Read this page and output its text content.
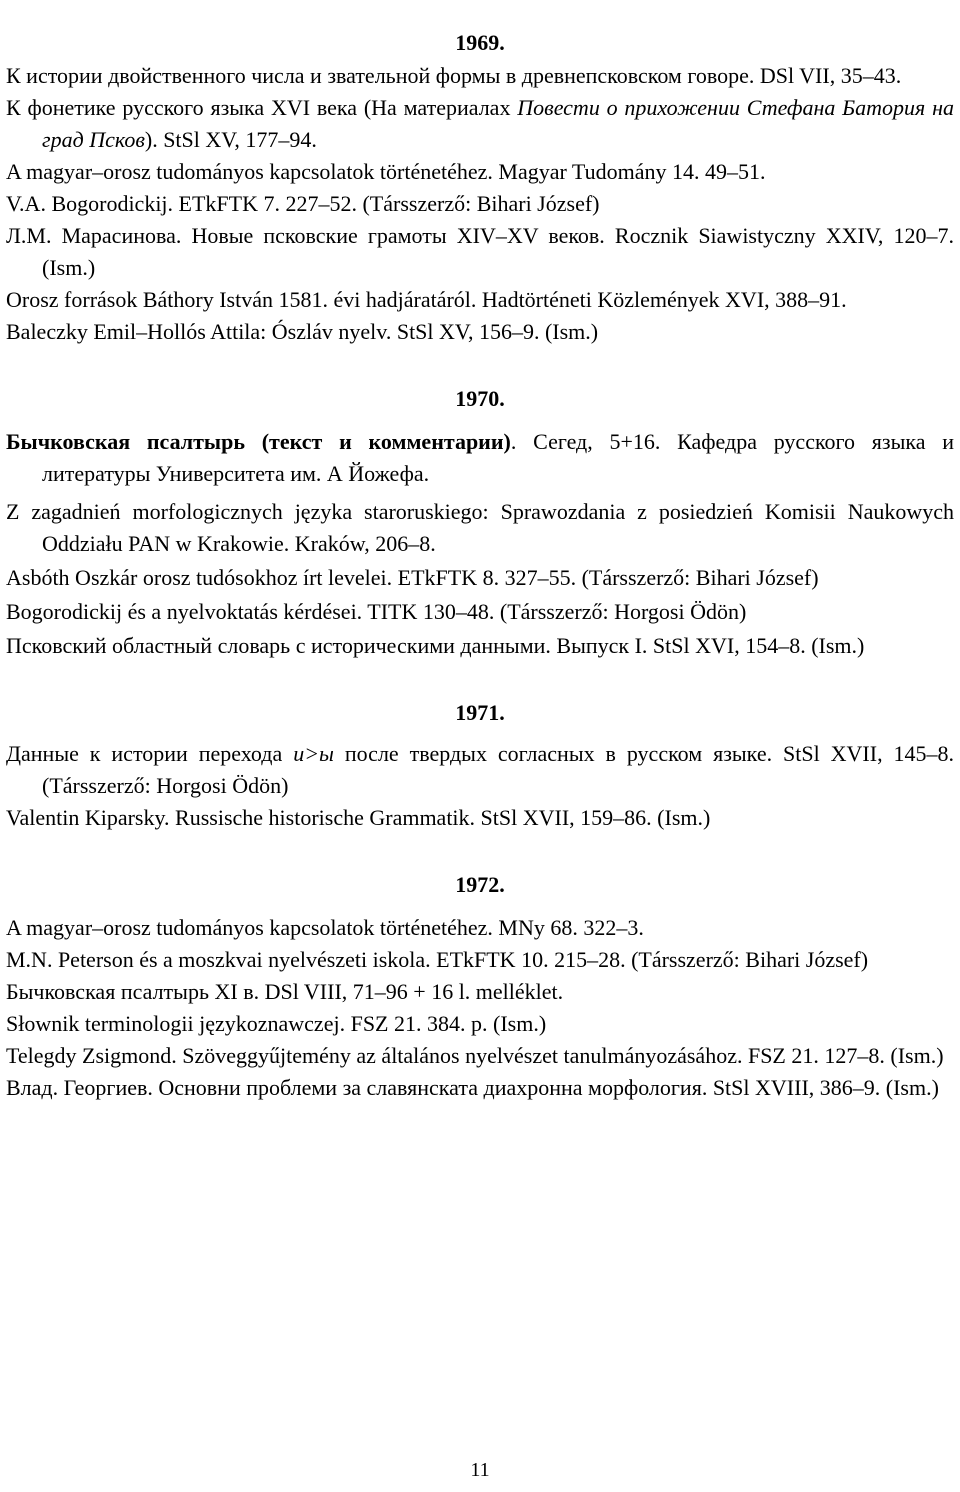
1969.
К истории двойственного числа и звательной формы в древнепсковском говоре. DSl VII, 35–43.
К фонетике русского языка XVI века (На материалах Повести о прихожении Стефана Батория на град Псков). StSl XV, 177–94.
A magyar–orosz tudományos kapcsolatok történetéhez. Magyar Tudomány 14. 49–51.
V.A. Bogorodickij. ETkFTK 7. 227–52. (Társszerző: Bihari József)
Л.М. Марасинова. Новые псковские грамоты XIV–XV веков. Rocznik Siawistyczny XXIV, 120–7. (Ism.)
Orosz források Báthory István 1581. évi hadjáratáról. Hadtörténeti Közlemények XVI, 388–91.
Baleczky Emil–Hollós Attila: Ószláv nyelv. StSl XV, 156–9. (Ism.)
1970.
Бычковская псалтырь (текст и комментарии). Сегед, 5+16. Кафедра русского языка и литературы Университета им. А Йожефа.
Z zagadnień morfologicznych języka staroruskiego: Sprawozdania z posiedzień Komisii Naukowych Oddziału PAN w Krakowie. Kraków, 206–8.
Asbóth Oszkár orosz tudósokhoz írt levelei. ETkFTK 8. 327–55. (Társszerző: Bihari József)
Bogorodickij és a nyelvoktatás kérdései. TITK 130–48. (Társszerző: Horgosi Ödön)
Псковский областный словарь с историческими данными. Выпуск I. StSl XVI, 154–8. (Ism.)
1971.
Данные к истории перехода и>ы после твердых согласных в русском языке. StSl XVII, 145–8. (Társszerző: Horgosi Ödön)
Valentin Kiparsky. Russische historische Grammatik. StSl XVII, 159–86. (Ism.)
1972.
A magyar–orosz tudományos kapcsolatok történetéhez. MNy 68. 322–3.
M.N. Peterson és a moszkvai nyelvészeti iskola. ETkFTK 10. 215–28. (Társszerző: Bihari József)
Бычковская псалтырь XI в. DSl VIII, 71–96 + 16 l. melléklet.
Słownik terminologii językoznawczej. FSZ 21. 384. p. (Ism.)
Telegdy Zsigmond. Szöveggyűjtemény az általános nyelvészet tanulmányozásához. FSZ 21. 127–8. (Ism.)
Влад. Георгиев. Основни проблеми за славянската диахронна морфология. StSl XVIII, 386–9. (Ism.)
11
